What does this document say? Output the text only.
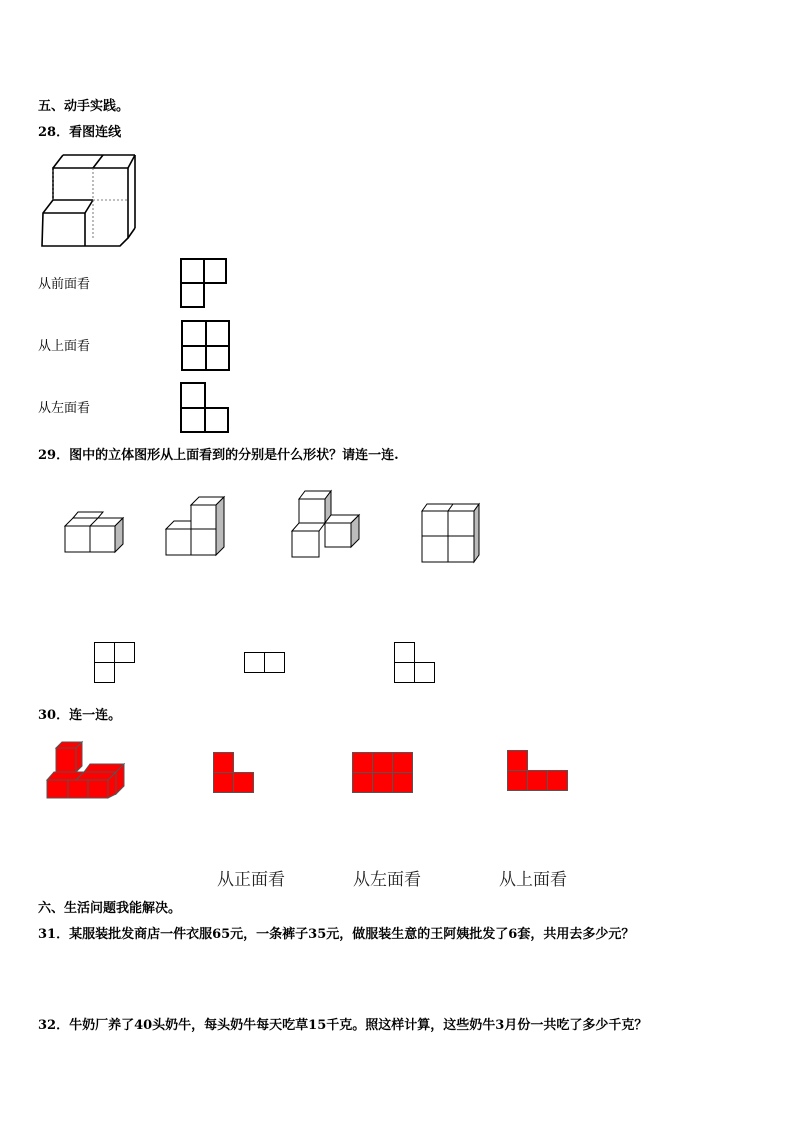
五、动手实践。
28．看图连线
从前面看
从上面看
从左面看
29．图中的立体图形从上面看到的分别是什么形状？请连一连.
30．连一连。
从正面看	从左面看	从上面看
六、生活问题我能解决。
31．某服装批发商店一件衣服65元，一条裤子35元，做服装生意的王阿姨批发了6套，共用去多少元？
32．牛奶厂养了40头奶牛，每头奶牛每天吃草15千克。照这样计算，这些奶牛3月份一共吃了多少千克？
